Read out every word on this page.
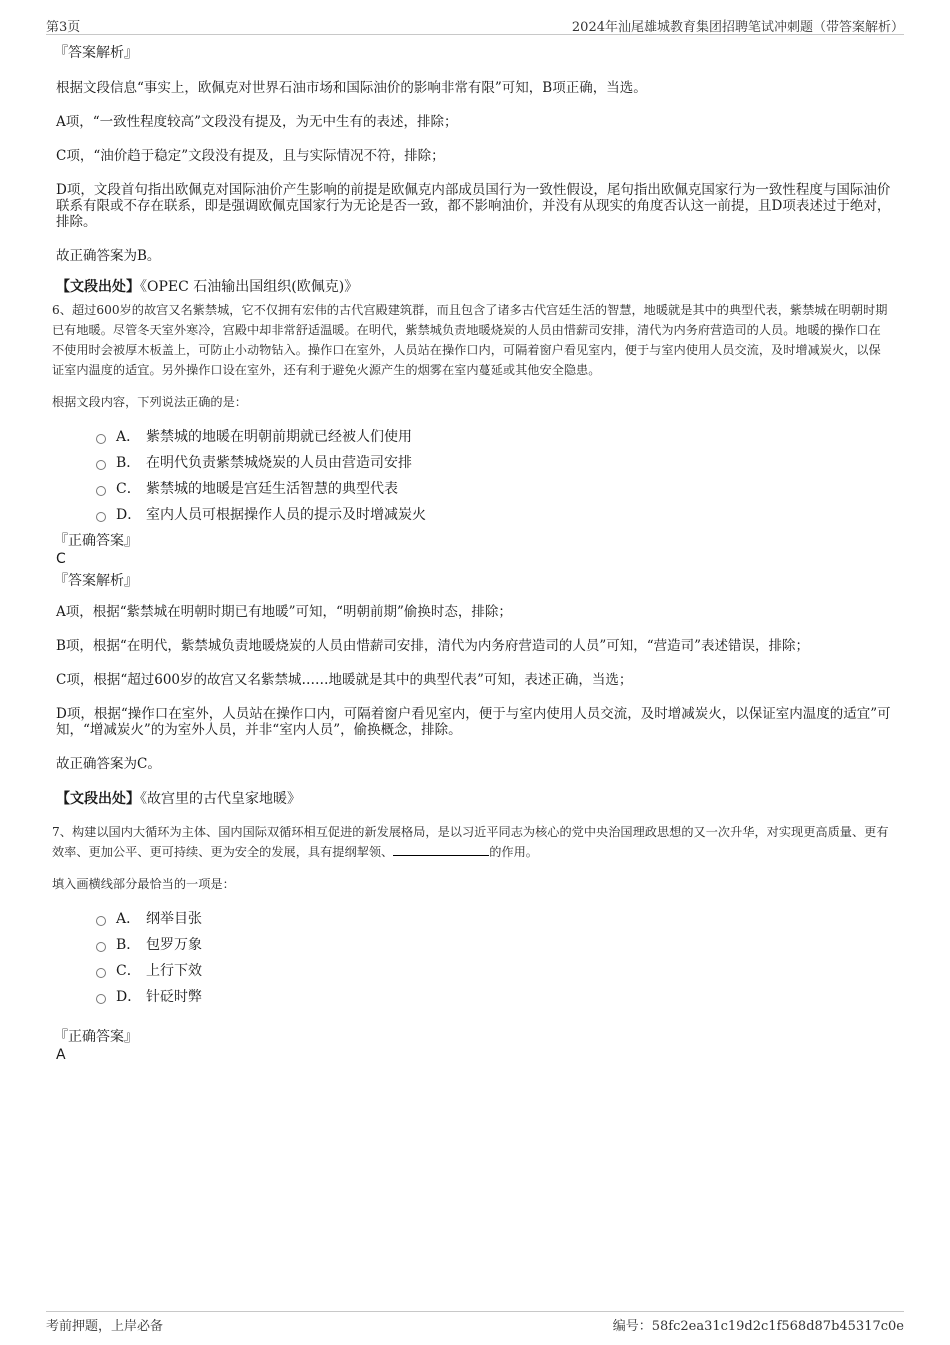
第3页	2024年汕尾雄城教育集团招聘笔试冲刺题（带答案解析）
『答案解析』

根据文段信息“事实上，欧佩克对世界石油市场和国际油价的影响非常有限”可知，B项正确，当选。

A项，“一致性程度较高”文段没有提及，为无中生有的表述，排除；

C项，“油价趋于稳定”文段没有提及，且与实际情况不符，排除；

D项，文段首句指出欧佩克对国际油价产生影响的前提是欧佩克内部成员国行为一致性假设，尾句指出欧佩克国家行为一致性程度与国际油价联系有限或不存在联系，即是强调欧佩克国家行为无论是否一致，都不影响油价，并没有从现实的角度否认这一前提，且D项表述过于绝对，排除。

故正确答案为B。

【文段出处】《OPEC 石油输出国组织(欧佩克)》

6、超过600岁的故宫又名紫禁城，它不仅拥有宏伟的古代宫殿建筑群，而且包含了诸多古代宫廷生活的智慧，地暖就是其中的典型代表，紫禁城在明朝时期已有地暖。尽管冬天室外寒冷，宫殿中却非常舒适温暖。在明代，紫禁城负责地暖烧炭的人员由惜薪司安排，清代为内务府营造司的人员。地暖的操作口在不使用时会被厚木板盖上，可防止小动物钻入。操作口在室外，人员站在操作口内，可隔着窗户看见室内，便于与室内使用人员交流，及时增减炭火，以保证室内温度的适宜。另外操作口设在室外，还有利于避免火源产生的烟雾在室内蔓延或其他安全隐患。

根据文段内容，下列说法正确的是：

A． 紫禁城的地暖在明朝前期就已经被人们使用
B． 在明代负责紫禁城烧炭的人员由营造司安排
C． 紫禁城的地暖是宫廷生活智慧的典型代表
D． 室内人员可根据操作人员的提示及时增减炭火
『正确答案』
C
『答案解析』

A项，根据“紫禁城在明朝时期已有地暖”可知，“明朝前期”偷换时态，排除；

B项，根据“在明代，紫禁城负责地暖烧炭的人员由惜薪司安排，清代为内务府营造司的人员”可知，“营造司”表述错误，排除；

C项，根据“超过600岁的故宫又名紫禁城……地暖就是其中的典型代表”可知，表述正确，当选；

D项，根据“操作口在室外，人员站在操作口内，可隔着窗户看见室内，便于与室内使用人员交流，及时增减炭火，以保证室内温度的适宜”可知，“增减炭火”的为室外人员，并非“室内人员”，偷换概念，排除。

故正确答案为C。

【文段出处】《故宫里的古代皇家地暖》

7、构建以国内大循环为主体、国内国际双循环相互促进的新发展格局，是以习近平同志为核心的党中央治国理政思想的又一次升华，对实现更高质量、更有效率、更加公平、更可持续、更为安全的发展，具有提纲挈领、	的作用。

填入画横线部分最恰当的一项是：

A． 纲举目张
B． 包罗万象
C． 上行下效
D． 针砭时弊
『正确答案』
A
考前押题，上岸必备	编号：58fc2ea31c19d2c1f568d87b45317c0e
